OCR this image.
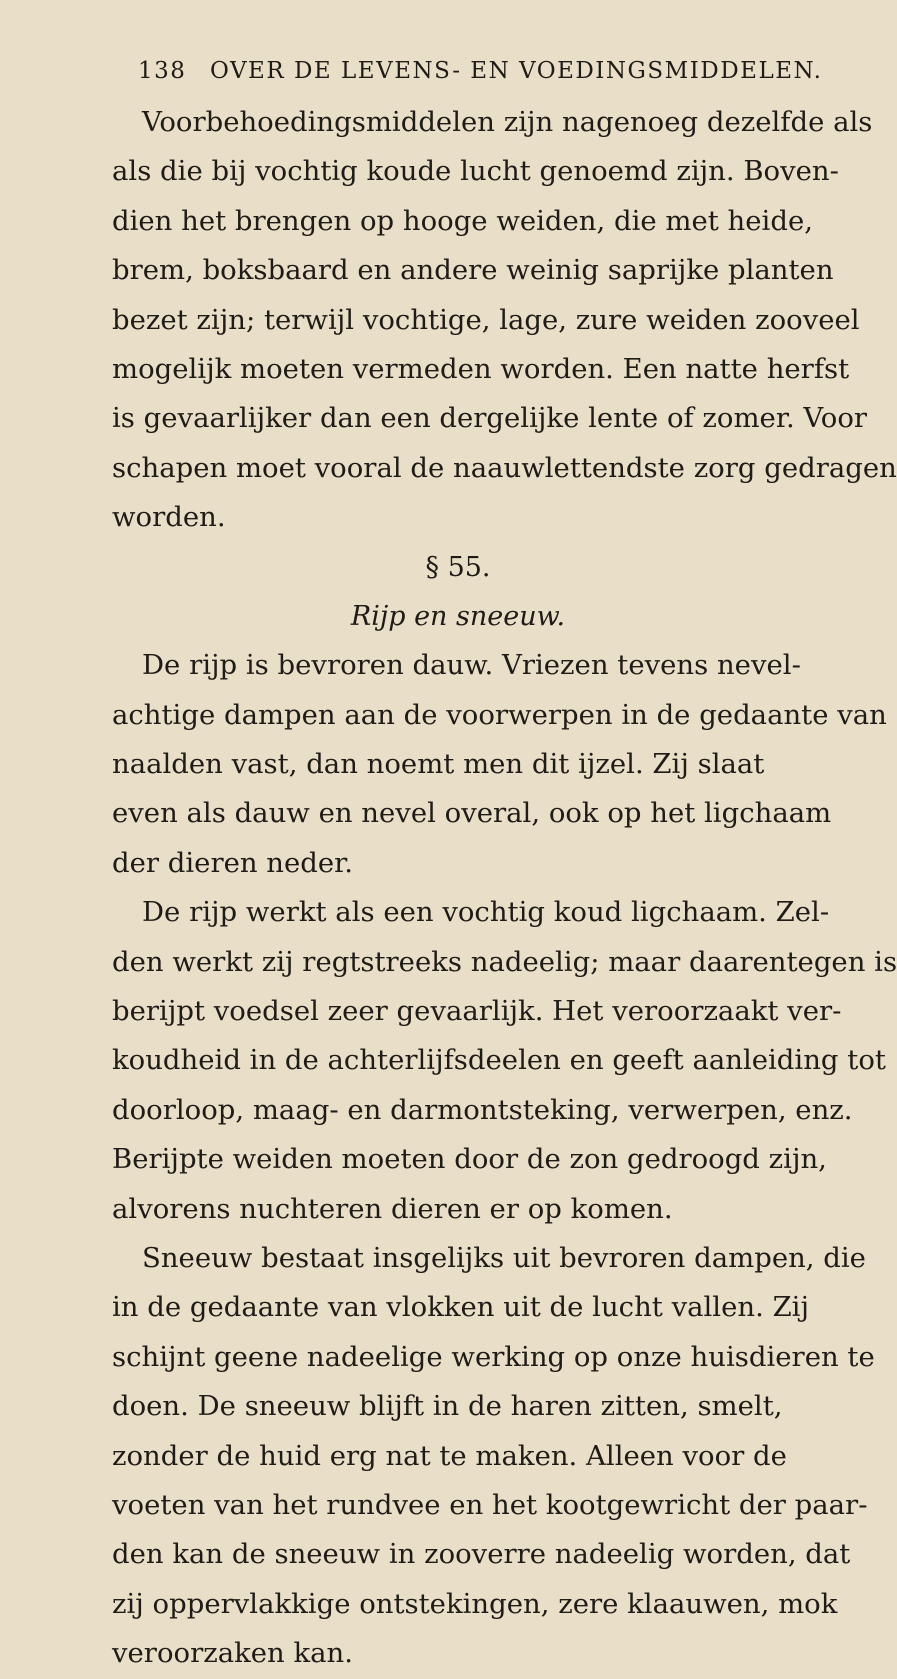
138 OVER DE LEVENS- EN VOEDINGSMIDDELEN.
Voorbehoedingsmiddelen zijn nagenoeg dezelfde als
als die bij vochtig koude lucht genoemd zijn. Boven-
dien het brengen op hooge weiden, die met heide,
brem, boksbaard en andere weinig saprijke planten
bezet zijn; terwijl vochtige, lage, zure weiden zooveel
mogelijk moeten vermeden worden. Een natte herfst
is gevaarlijker dan een dergelijke lente of zomer. Voor
schapen moet vooral de naauwlettendste zorg gedragen
worden.
§ 55.
Rijp en sneeuw.
De rijp is bevroren dauw. Vriezen tevens nevel-
achtige dampen aan de voorwerpen in de gedaante van
naalden vast, dan noemt men dit ijzel. Zij slaat
even als dauw en nevel overal, ook op het ligchaam
der dieren neder.
De rijp werkt als een vochtig koud ligchaam. Zel-
den werkt zij regtstreeks nadeelig; maar daarentegen is
berijpt voedsel zeer gevaarlijk. Het veroorzaakt ver-
koudheid in de achterlijfsdeelen en geeft aanleiding tot
doorloop, maag- en darmontsteking, verwerpen, enz.
Berijpte weiden moeten door de zon gedroogd zijn,
alvorens nuchteren dieren er op komen.
Sneeuw bestaat insgelijks uit bevroren dampen, die
in de gedaante van vlokken uit de lucht vallen. Zij
schijnt geene nadeelige werking op onze huisdieren te
doen. De sneeuw blijft in de haren zitten, smelt,
zonder de huid erg nat te maken. Alleen voor de
voeten van het rundvee en het kootgewricht der paar-
den kan de sneeuw in zooverre nadeelig worden, dat
zij oppervlakkige ontstekingen, zere klaauwen, mok
veroorzaken kan.
